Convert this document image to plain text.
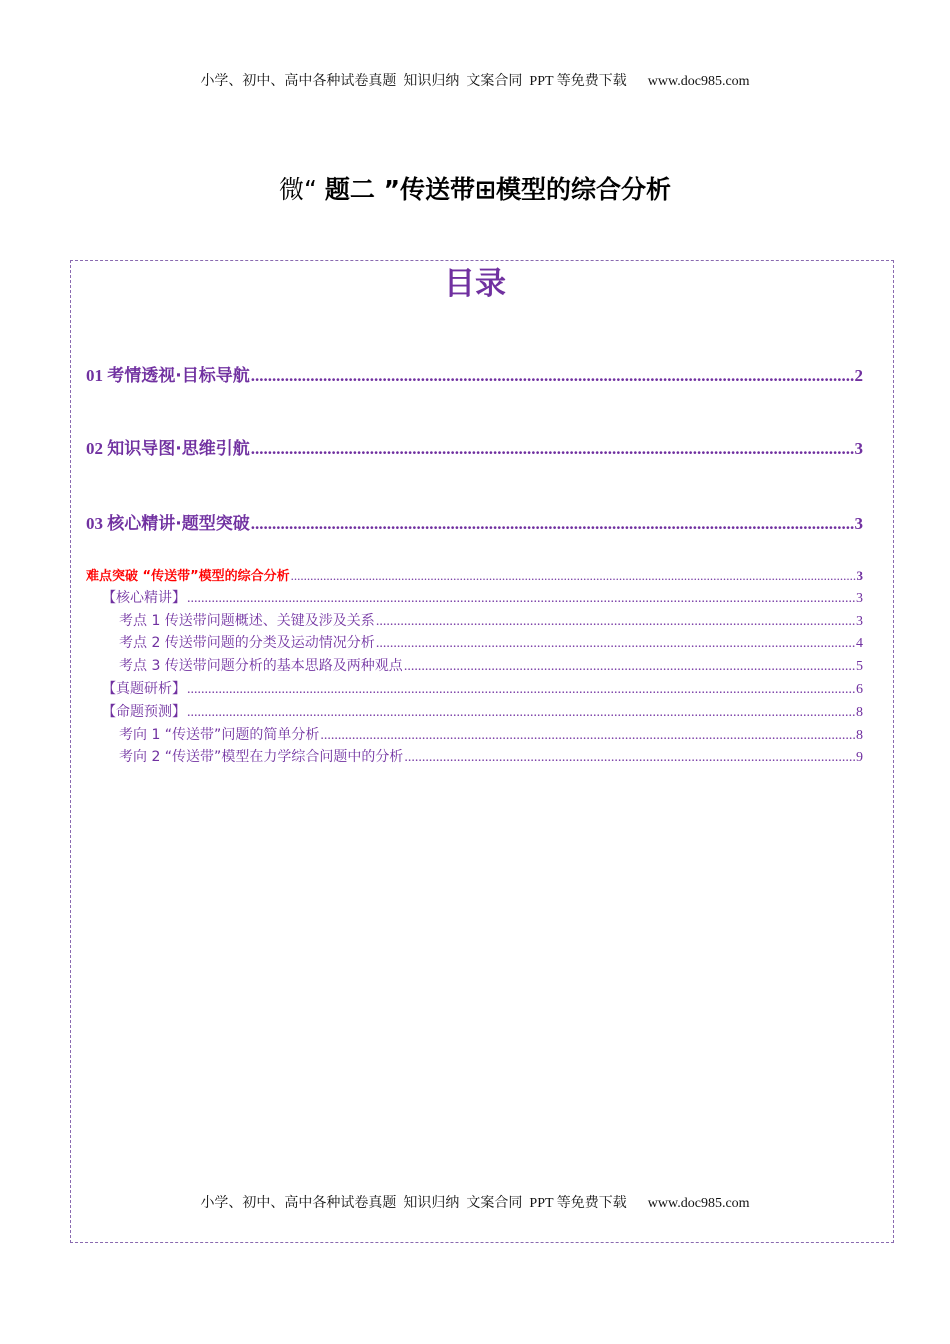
小学、初中、高中各种试卷真题  知识归纳  文案合同  PPT 等免费下载      www.doc985.com
微“ 题二 ”传送带⊞模型的综合分析
目录
01 考情透视·目标导航 .....	2
02 知识导图·思维引航 .....	3
03 核心精讲·题型突破 .....	3
难点突破 “传送带”模型的综合分析 .....	3
【核心精讲】 .....	3
考点 1 传送带问题概述、关键及涉及关系 .....	3
考点 2 传送带问题的分类及运动情况分析 .....	4
考点 3 传送带问题分析的基本思路及两种观点 .....	5
【真题研析】 .....	6
【命题预测】 .....	8
考向 1 “传送带”问题的简单分析 .....	8
考向 2 “传送带”模型在力学综合问题中的分析 .....	9
小学、初中、高中各种试卷真题  知识归纳  文案合同  PPT 等免费下载      www.doc985.com
